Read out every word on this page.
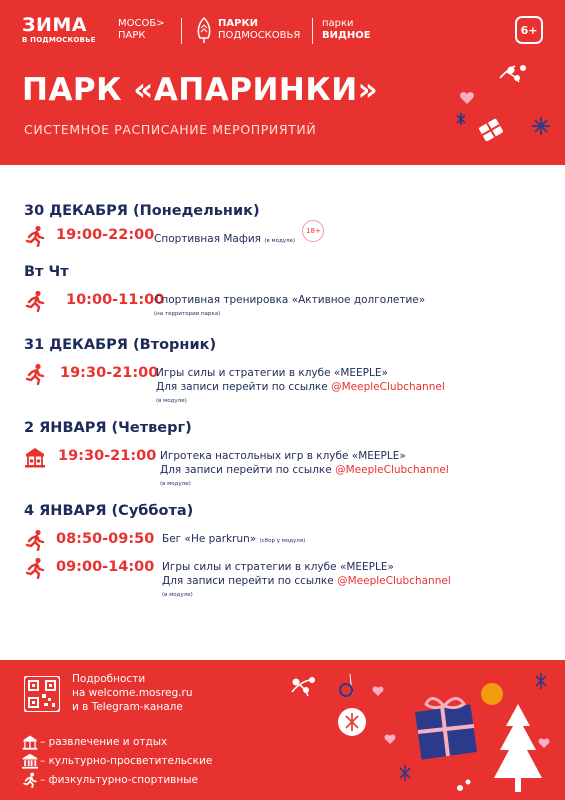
ЗИМА
В ПОДМОСКОВЬЕ
МОСОБ>
ПАРК
ПАРКИ
ПОДМОСКОВЬЯ
парки
ВИДНОЕ	6+
ПАРК «АПАРИНКИ»
СИСТЕМНОЕ РАСПИСАНИЕ МЕРОПРИЯТИЙ
30 ДЕКАБРЯ (Понедельник)
19:00-22:00 Спортивная Мафия (в модуле) 18+
Вт Чт
10:00-11:00
Спортивная тренировка «Активное долголетие»
(на территории парка)
31 ДЕКАБРЯ (Вторник)
19:30-21:00
Игры силы и стратегии в клубе «MEEPLE»
Для записи перейти по ссылке @MeepleClubchannel
(в модуле)
2 ЯНВАРЯ (Четверг)
19:30-21:00 Игротека настольных игр в клубе «MEEPLE»
Для записи перейти по ссылке @MeepleClubchannel
(в модуле)
4 ЯНВАРЯ (Суббота)
08:50-09:50 Бег «Не parkrun» (сбор у модуля)
09:00-14:00 Игры силы и стратегии в клубе «MEEPLE»
Для записи перейти по ссылке @MeepleClubchannel
(в модуле)
Подробности
на welcome.mosreg.ru
и в Telegram-канале
– развлечение и отдых
– культурно-просветительские
– физкультурно-спортивные
